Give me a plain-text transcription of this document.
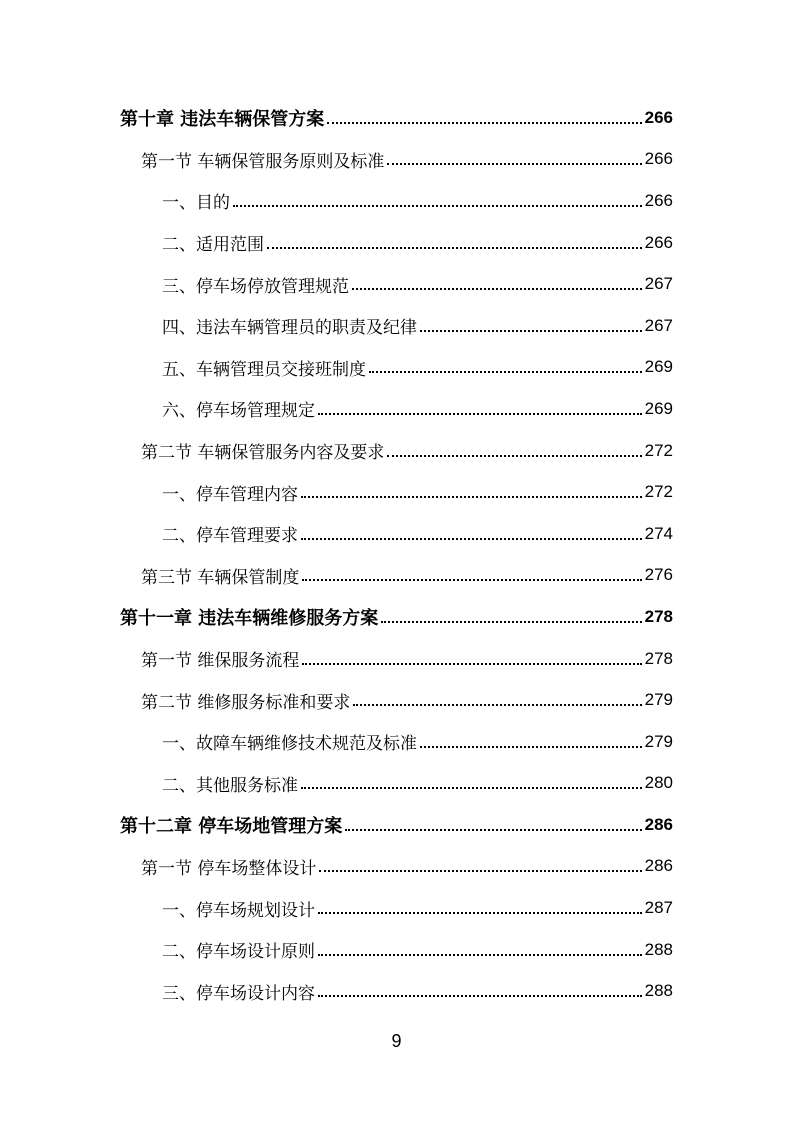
第十章 违法车辆保管方案	266
第一节 车辆保管服务原则及标准	266
一、目的	266
二、适用范围	266
三、停车场停放管理规范	267
四、违法车辆管理员的职责及纪律	267
五、车辆管理员交接班制度	269
六、停车场管理规定	269
第二节 车辆保管服务内容及要求	272
一、停车管理内容	272
二、停车管理要求	274
第三节 车辆保管制度	276
第十一章 违法车辆维修服务方案	278
第一节 维保服务流程	278
第二节 维修服务标准和要求	279
一、故障车辆维修技术规范及标准	279
二、其他服务标准	280
第十二章 停车场地管理方案	286
第一节 停车场整体设计	286
一、停车场规划设计	287
二、停车场设计原则	288
三、停车场设计内容	288
9
